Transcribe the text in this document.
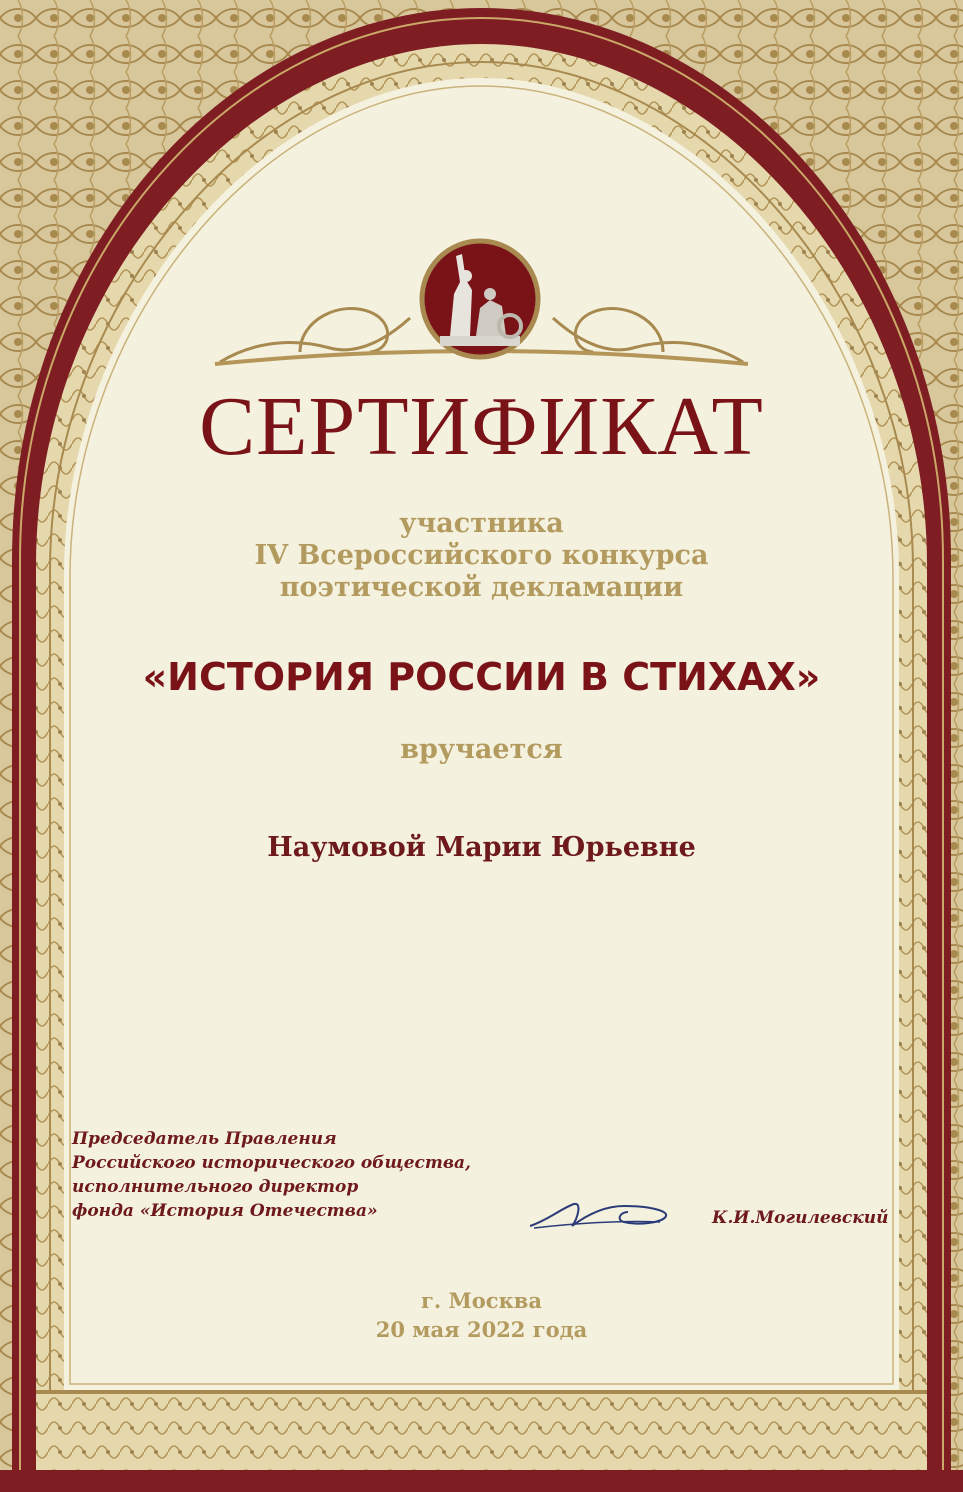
СЕРТИФИКАТ
участника
IV Всероссийского конкурса
поэтической декламации
«ИСТОРИЯ РОССИИ В СТИХАХ»
вручается
Наумовой Марии Юрьевне
Председатель Правления
Российского исторического общества,
исполнительного директор
фонда «История Отечества»	К.И.Могилевский
г. Москва
20 мая 2022 года
